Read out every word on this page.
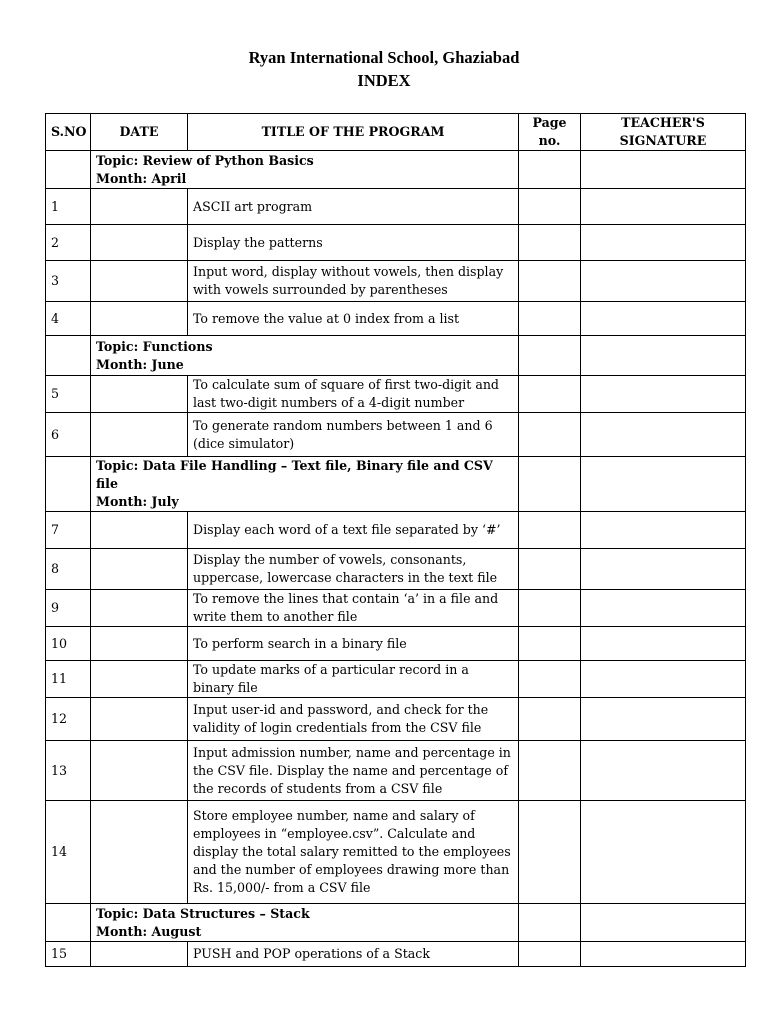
Ryan International School, Ghaziabad
INDEX
S.NO	DATE	TITLE OF THE PROGRAM	Page no.	TEACHER'S SIGNATURE

	Topic: Review of Python Basics
Month: April			

1		ASCII art program		
2		Display the patterns		
3		Input word, display without vowels, then display with vowels surrounded by parentheses		
4		To remove the value at 0 index from a list		

	Topic: Functions
Month: June			

5		To calculate sum of square of first two-digit and last two-digit numbers of a 4-digit number		
6		To generate random numbers between 1 and 6 (dice simulator)		

	Topic: Data File Handling – Text file, Binary file and CSV file
Month: July			

7		Display each word of a text file separated by ‘#’		
8		Display the number of vowels, consonants, uppercase, lowercase characters in the text file		
9		To remove the lines that contain ‘a’ in a file and write them to another file		
10		To perform search in a binary file		
11		To update marks of a particular record in a binary file		
12		Input user-id and password, and check for the validity of login credentials from the CSV file		
13		Input admission number, name and percentage in the CSV file. Display the name and percentage of the records of students from a CSV file		
14		Store employee number, name and salary of employees in “employee.csv”. Calculate and display the total salary remitted to the employees and the number of employees drawing more than Rs. 15,000/- from a CSV file		

	Topic: Data Structures – Stack
Month: August			

15		PUSH and POP operations of a Stack		
